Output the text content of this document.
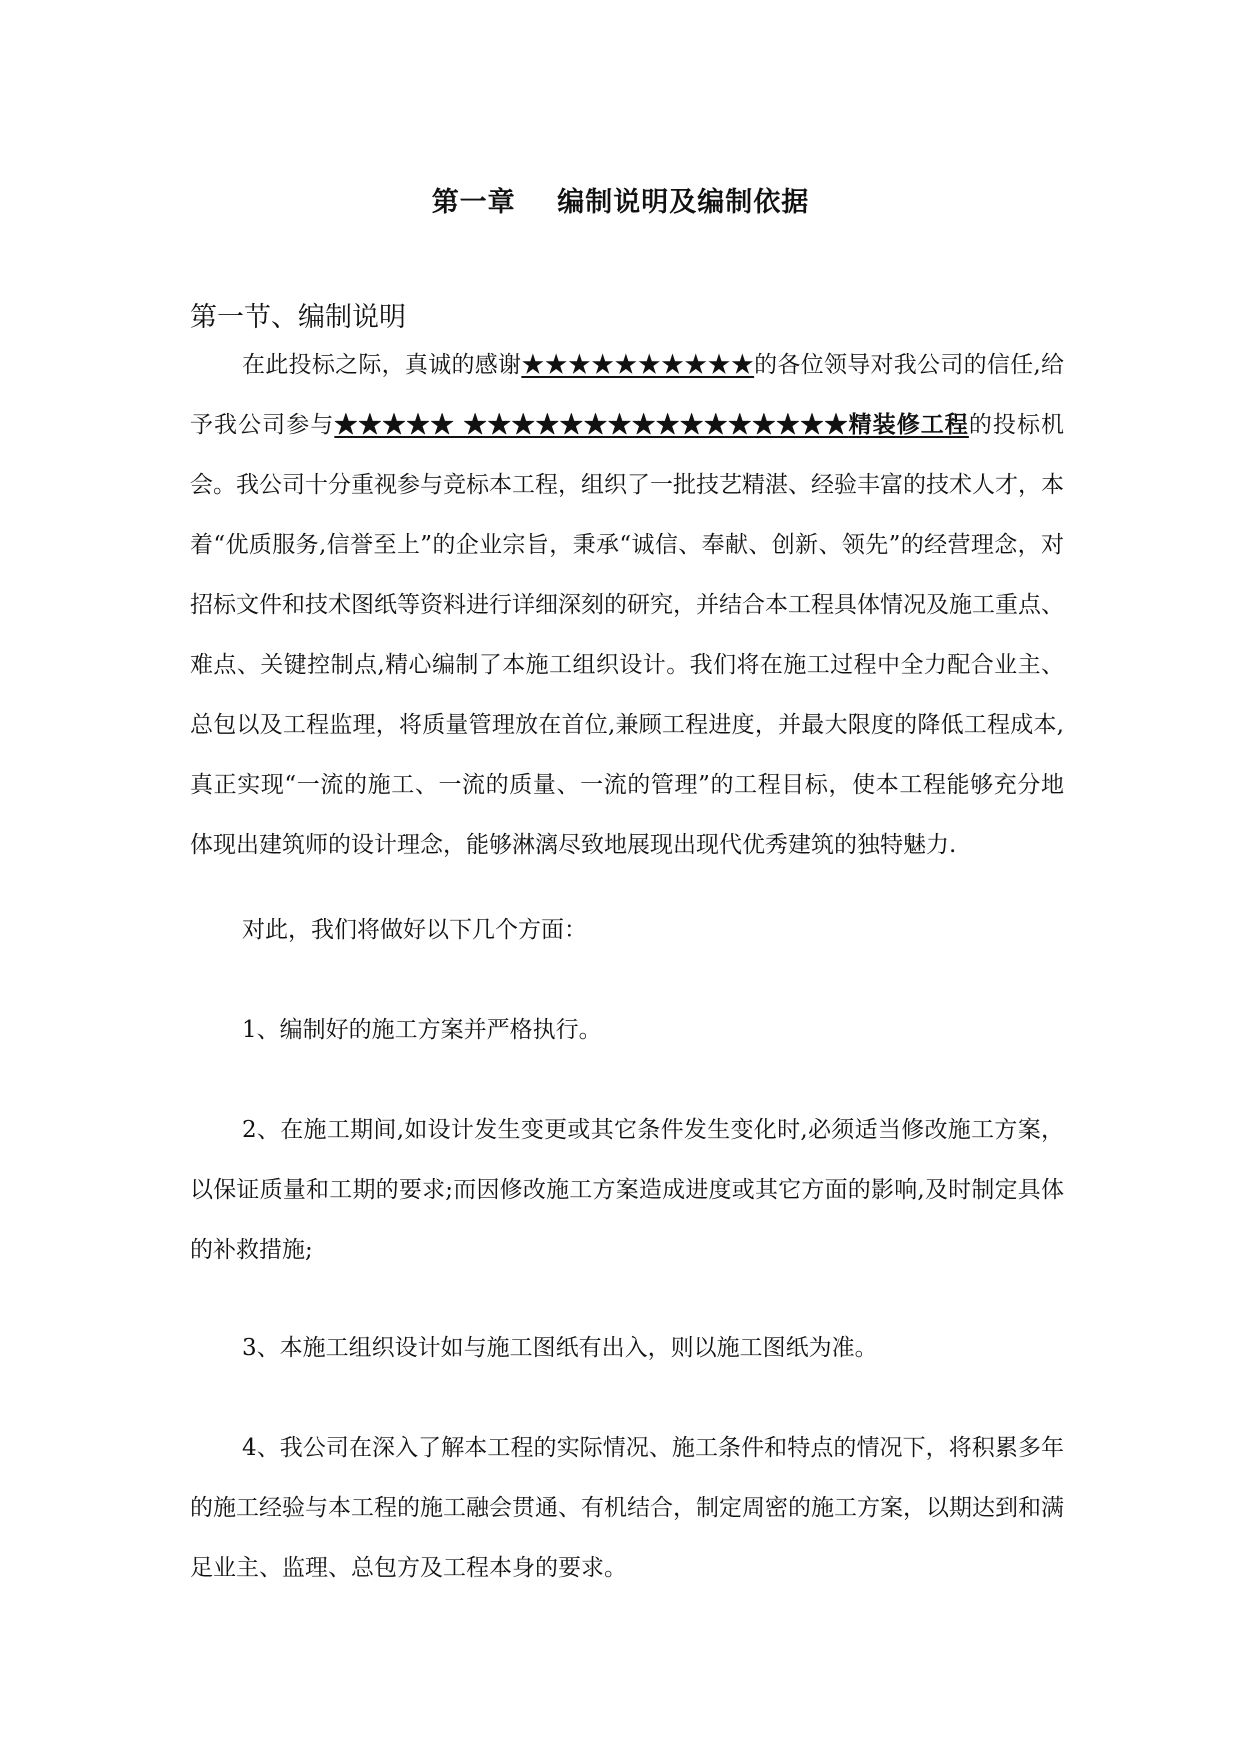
第一章    编制说明及编制依据
第一节、编制说明
在此投标之际，真诚的感谢★★★★★★★★★★的各位领导对我公司的信任,给予我公司参与★★★★★ ★★★★★★★★★★★★★★★★精装修工程的投标机会。我公司十分重视参与竞标本工程，组织了一批技艺精湛、经验丰富的技术人才，本着“优质服务,信誉至上”的企业宗旨，秉承“诚信、奉献、创新、领先”的经营理念，对招标文件和技术图纸等资料进行详细深刻的研究，并结合本工程具体情况及施工重点、难点、关键控制点,精心编制了本施工组织设计。我们将在施工过程中全力配合业主、总包以及工程监理，将质量管理放在首位,兼顾工程进度，并最大限度的降低工程成本,真正实现“一流的施工、一流的质量、一流的管理”的工程目标，使本工程能够充分地体现出建筑师的设计理念，能够淋漓尽致地展现出现代优秀建筑的独特魅力.
对此，我们将做好以下几个方面：
1、编制好的施工方案并严格执行。
2、在施工期间,如设计发生变更或其它条件发生变化时,必须适当修改施工方案，以保证质量和工期的要求;而因修改施工方案造成进度或其它方面的影响,及时制定具体的补救措施;
3、本施工组织设计如与施工图纸有出入，则以施工图纸为准。
4、我公司在深入了解本工程的实际情况、施工条件和特点的情况下，将积累多年的施工经验与本工程的施工融会贯通、有机结合，制定周密的施工方案，以期达到和满足业主、监理、总包方及工程本身的要求。
